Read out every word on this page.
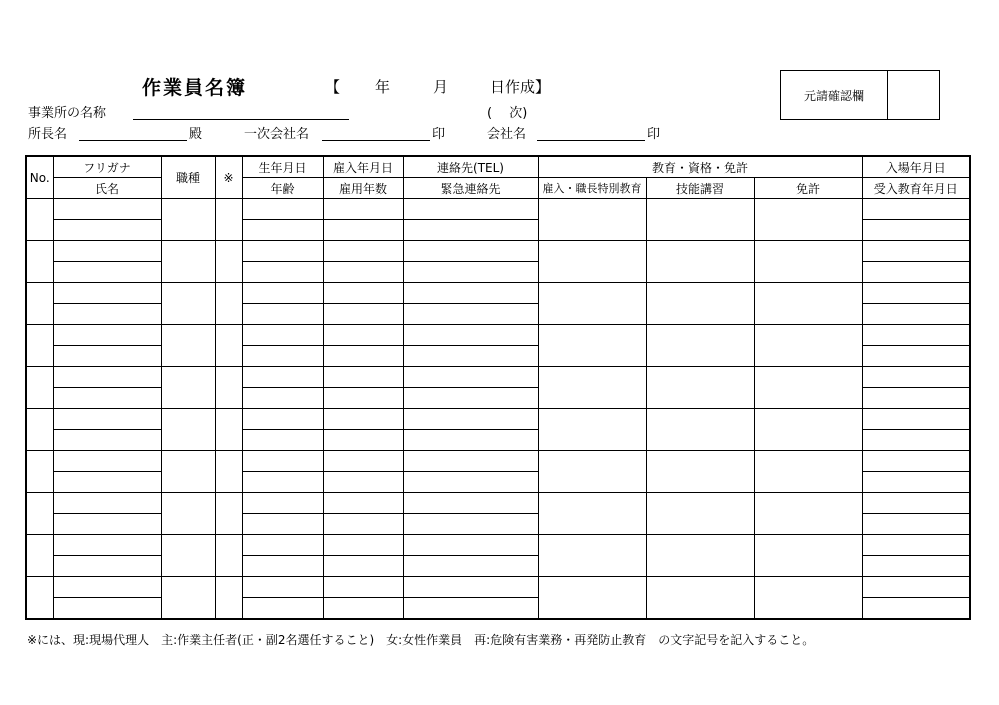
作業員名簿	【 年	月	日作成】
事業所の名称	(　 次)
所長名	殿	一次会社名	印	会社名	印
元請確認欄
No.	フリガナ	職種	※	生年月日	雇入年月日	連絡先(TEL)	教育・資格・免許			入場年月日
	氏名			年齢	雇用年数	緊急連絡先	雇入・職長特別教育	技能講習	免許	受入教育年月日

※には、現:現場代理人　主:作業主任者(正・副2名選任すること)　女:女性作業員　再:危険有害業務・再発防止教育　の文字記号を記入すること。
